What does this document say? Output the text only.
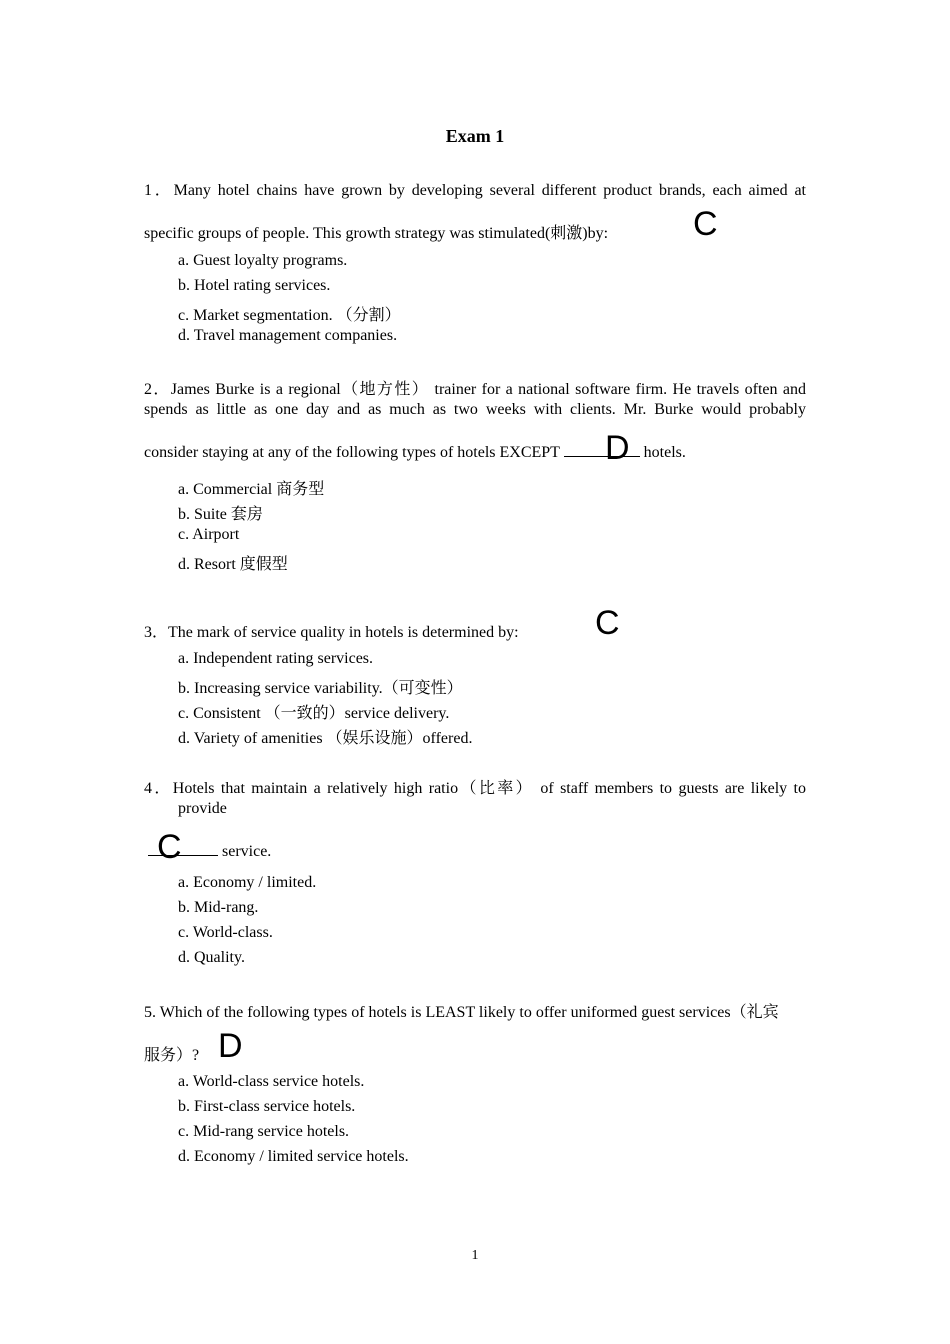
Exam 1
1．Many hotel chains have grown by developing several different product brands, each aimed at
specific groups of people. This growth strategy was stimulated(刺激)by: C
a. Guest loyalty programs.
b. Hotel rating services.
c. Market segmentation. （分割）
d. Travel management companies.
2．James Burke is a regional（地方性） trainer for a national software firm. He travels often and
spends as little as one day and as much as two weeks with clients. Mr. Burke would probably
consider staying at any of the following types of hotels EXCEPT	hotels.
D
a. Commercial 商务型
b. Suite 套房
c. Airport
d. Resort 度假型
3．The mark of service quality in hotels is determined by: C
a. Independent rating services.
b. Increasing service variability.（可变性）
c. Consistent （一致的）service delivery.
d. Variety of amenities （娱乐设施）offered.
4．Hotels that maintain a relatively high ratio（比率） of staff members to guests are likely to
provide
service.
C
a. Economy / limited.
b. Mid-rang.
c. World-class.
d. Quality.
5. Which of the following types of hotels is LEAST likely to offer uniformed guest services（礼宾
服务）? D
a. World-class service hotels.
b. First-class service hotels.
c. Mid-rang service hotels.
d. Economy / limited service hotels.
1
